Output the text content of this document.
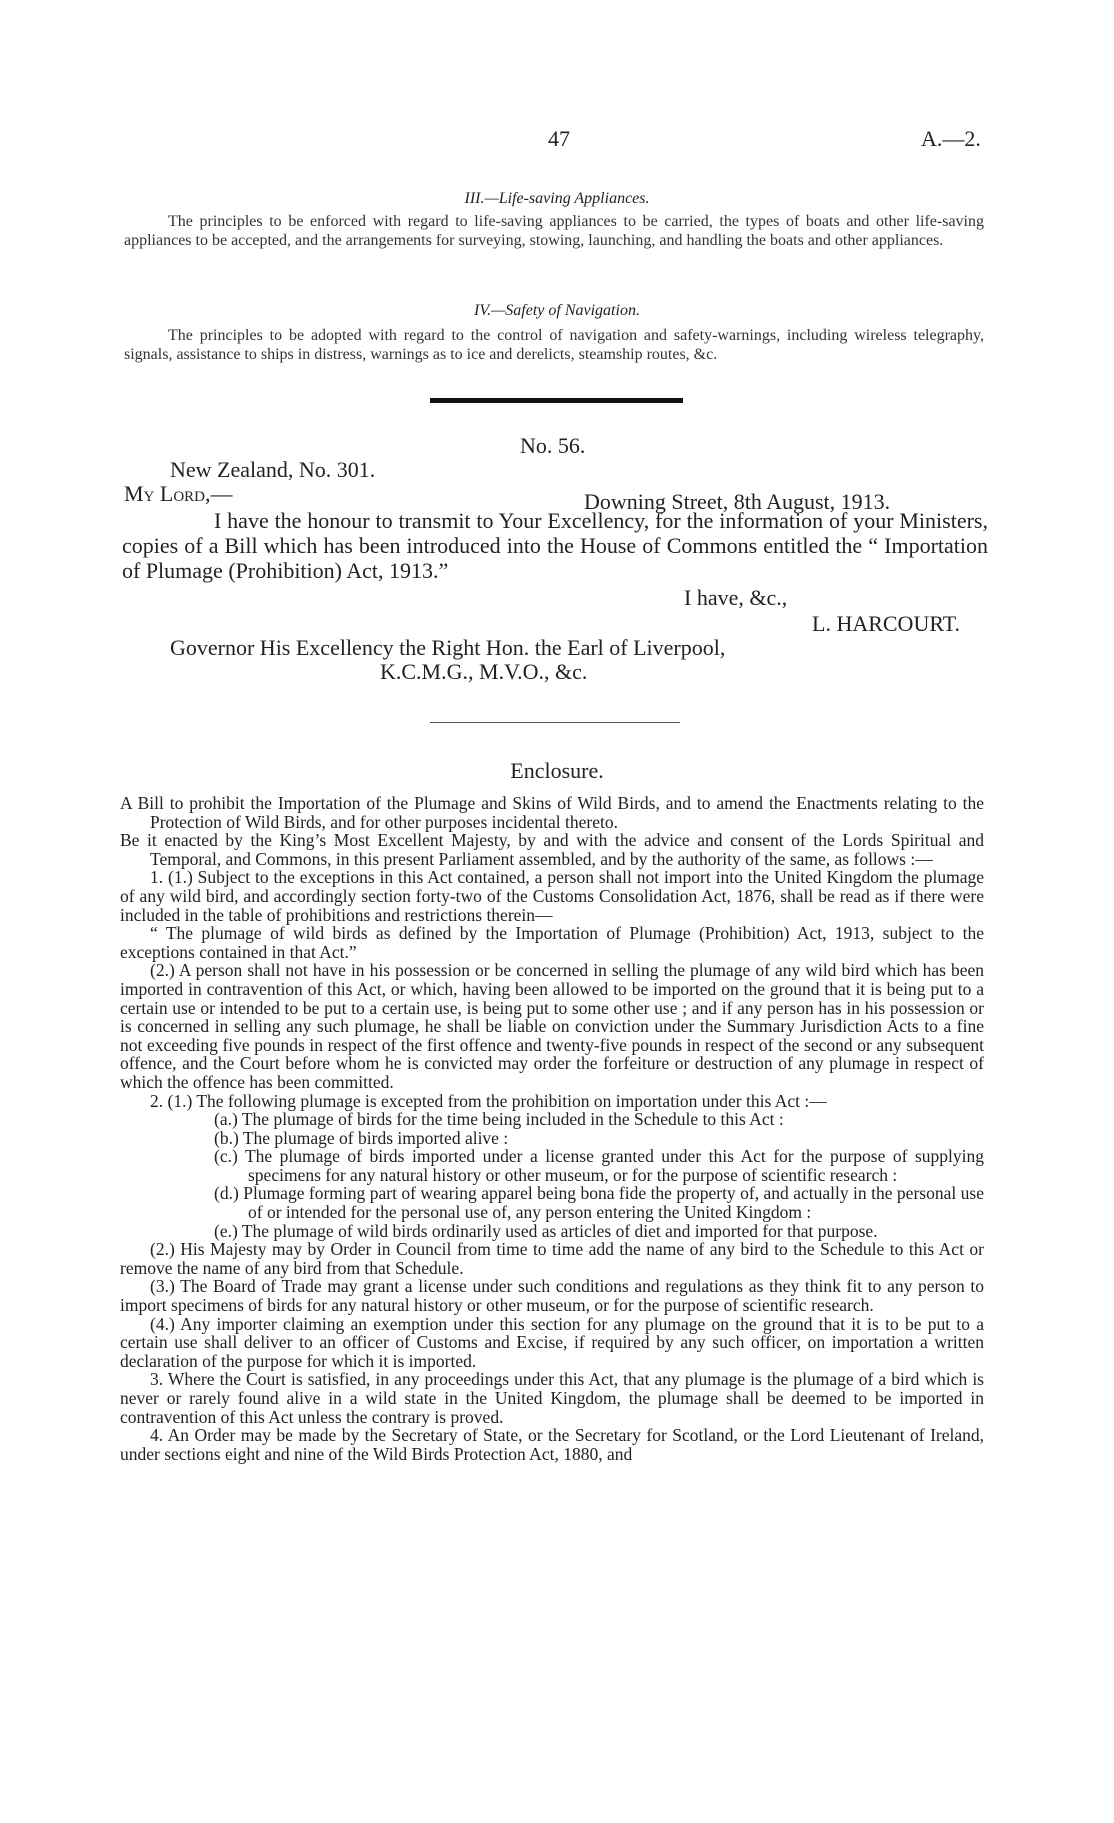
47	A.—2.
III.—Life-saving Appliances.
The principles to be enforced with regard to life-saving appliances to be carried, the types of boats and other life-saving appliances to be accepted, and the arrangements for surveying, stowing, launching, and handling the boats and other appliances.
IV.—Safety of Navigation.
The principles to be adopted with regard to the control of navigation and safety-warnings, including wireless telegraphy, signals, assistance to ships in distress, warnings as to ice and derelicts, steamship routes, &c.
No. 56.
New Zealand, No. 301.
My Lord,—	Downing Street, 8th August, 1913.
I have the honour to transmit to Your Excellency, for the information of your Ministers, copies of a Bill which has been introduced into the House of Commons entitled the “ Importation of Plumage (Prohibition) Act, 1913.”
I have, &c.,
L. HARCOURT.
Governor His Excellency the Right Hon. the Earl of Liverpool,
K.C.M.G., M.V.O., &c.
Enclosure.

A Bill to prohibit the Importation of the Plumage and Skins of Wild Birds, and to amend the Enactments relating to the Protection of Wild Birds, and for other purposes incidental thereto.

Be it enacted by the King’s Most Excellent Majesty, by and with the advice and consent of the Lords Spiritual and Temporal, and Commons, in this present Parliament assembled, and by the authority of the same, as follows :—

1. (1.) Subject to the exceptions in this Act contained, a person shall not import into the United Kingdom the plumage of any wild bird, and accordingly section forty-two of the Customs Consolidation Act, 1876, shall be read as if there were included in the table of prohibitions and restrictions therein—

“ The plumage of wild birds as defined by the Importation of Plumage (Prohibition) Act, 1913, subject to the exceptions contained in that Act.”

(2.) A person shall not have in his possession or be concerned in selling the plumage of any wild bird which has been imported in contravention of this Act, or which, having been allowed to be imported on the ground that it is being put to a certain use or intended to be put to a certain use, is being put to some other use ; and if any person has in his possession or is concerned in selling any such plumage, he shall be liable on conviction under the Summary Jurisdiction Acts to a fine not exceeding five pounds in respect of the first offence and twenty-five pounds in respect of the second or any subsequent offence, and the Court before whom he is convicted may order the forfeiture or destruction of any plumage in respect of which the offence has been committed.

2. (1.) The following plumage is excepted from the prohibition on importation under this Act :—

(a.) The plumage of birds for the time being included in the Schedule to this Act :

(b.) The plumage of birds imported alive :

(c.) The plumage of birds imported under a license granted under this Act for the purpose of supplying specimens for any natural history or other museum, or for the purpose of scientific research :

(d.) Plumage forming part of wearing apparel being bona fide the property of, and actually in the personal use of or intended for the personal use of, any person entering the United Kingdom :

(e.) The plumage of wild birds ordinarily used as articles of diet and imported for that purpose.

(2.) His Majesty may by Order in Council from time to time add the name of any bird to the Schedule to this Act or remove the name of any bird from that Schedule.

(3.) The Board of Trade may grant a license under such conditions and regulations as they think fit to any person to import specimens of birds for any natural history or other museum, or for the purpose of scientific research.

(4.) Any importer claiming an exemption under this section for any plumage on the ground that it is to be put to a certain use shall deliver to an officer of Customs and Excise, if required by any such officer, on importation a written declaration of the purpose for which it is imported.

3. Where the Court is satisfied, in any proceedings under this Act, that any plumage is the plumage of a bird which is never or rarely found alive in a wild state in the United Kingdom, the plumage shall be deemed to be imported in contravention of this Act unless the contrary is proved.

4. An Order may be made by the Secretary of State, or the Secretary for Scotland, or the Lord Lieutenant of Ireland, under sections eight and nine of the Wild Birds Protection Act, 1880, and
